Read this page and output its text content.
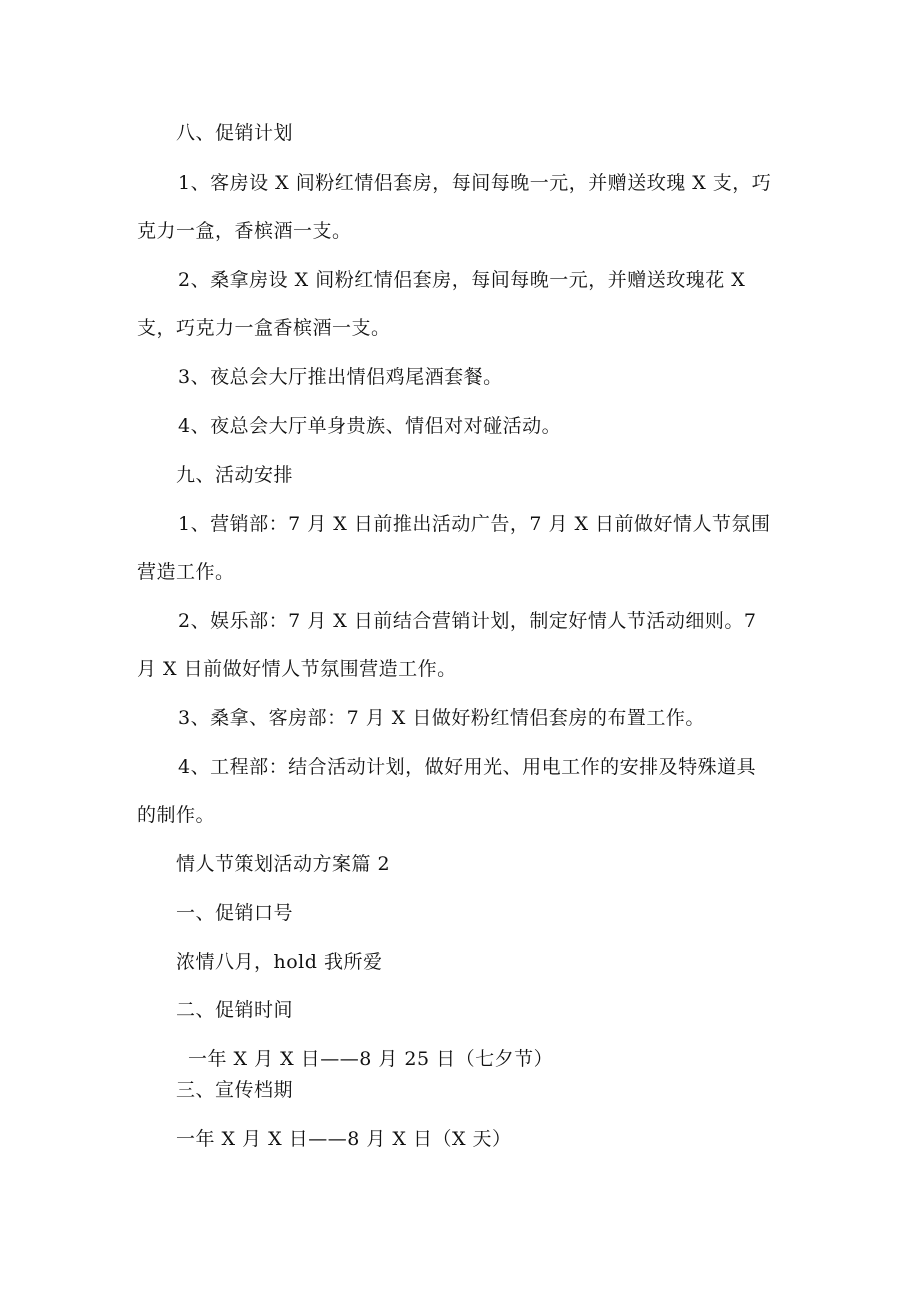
八、促销计划

1、客房设 X 间粉红情侣套房，每间每晚一元，并赠送玫瑰 X 支，巧

克力一盒，香槟酒一支。

2、桑拿房设 X 间粉红情侣套房，每间每晚一元，并赠送玫瑰花 X

支，巧克力一盒香槟酒一支。

3、夜总会大厅推出情侣鸡尾酒套餐。

4、夜总会大厅单身贵族、情侣对对碰活动。

九、活动安排

1、营销部：7 月 X 日前推出活动广告，7 月 X 日前做好情人节氛围

营造工作。

2、娱乐部：7 月 X 日前结合营销计划，制定好情人节活动细则。7

月 X 日前做好情人节氛围营造工作。

3、桑拿、客房部：7 月 X 日做好粉红情侣套房的布置工作。

4、工程部：结合活动计划，做好用光、用电工作的安排及特殊道具

的制作。

情人节策划活动方案篇 2

一、促销口号

浓情八月，hold 我所爱

二、促销时间

一年 X 月 X 日——8 月 25 日（七夕节）

三、宣传档期

一年 X 月 X 日——8 月 X 日（X 天）
